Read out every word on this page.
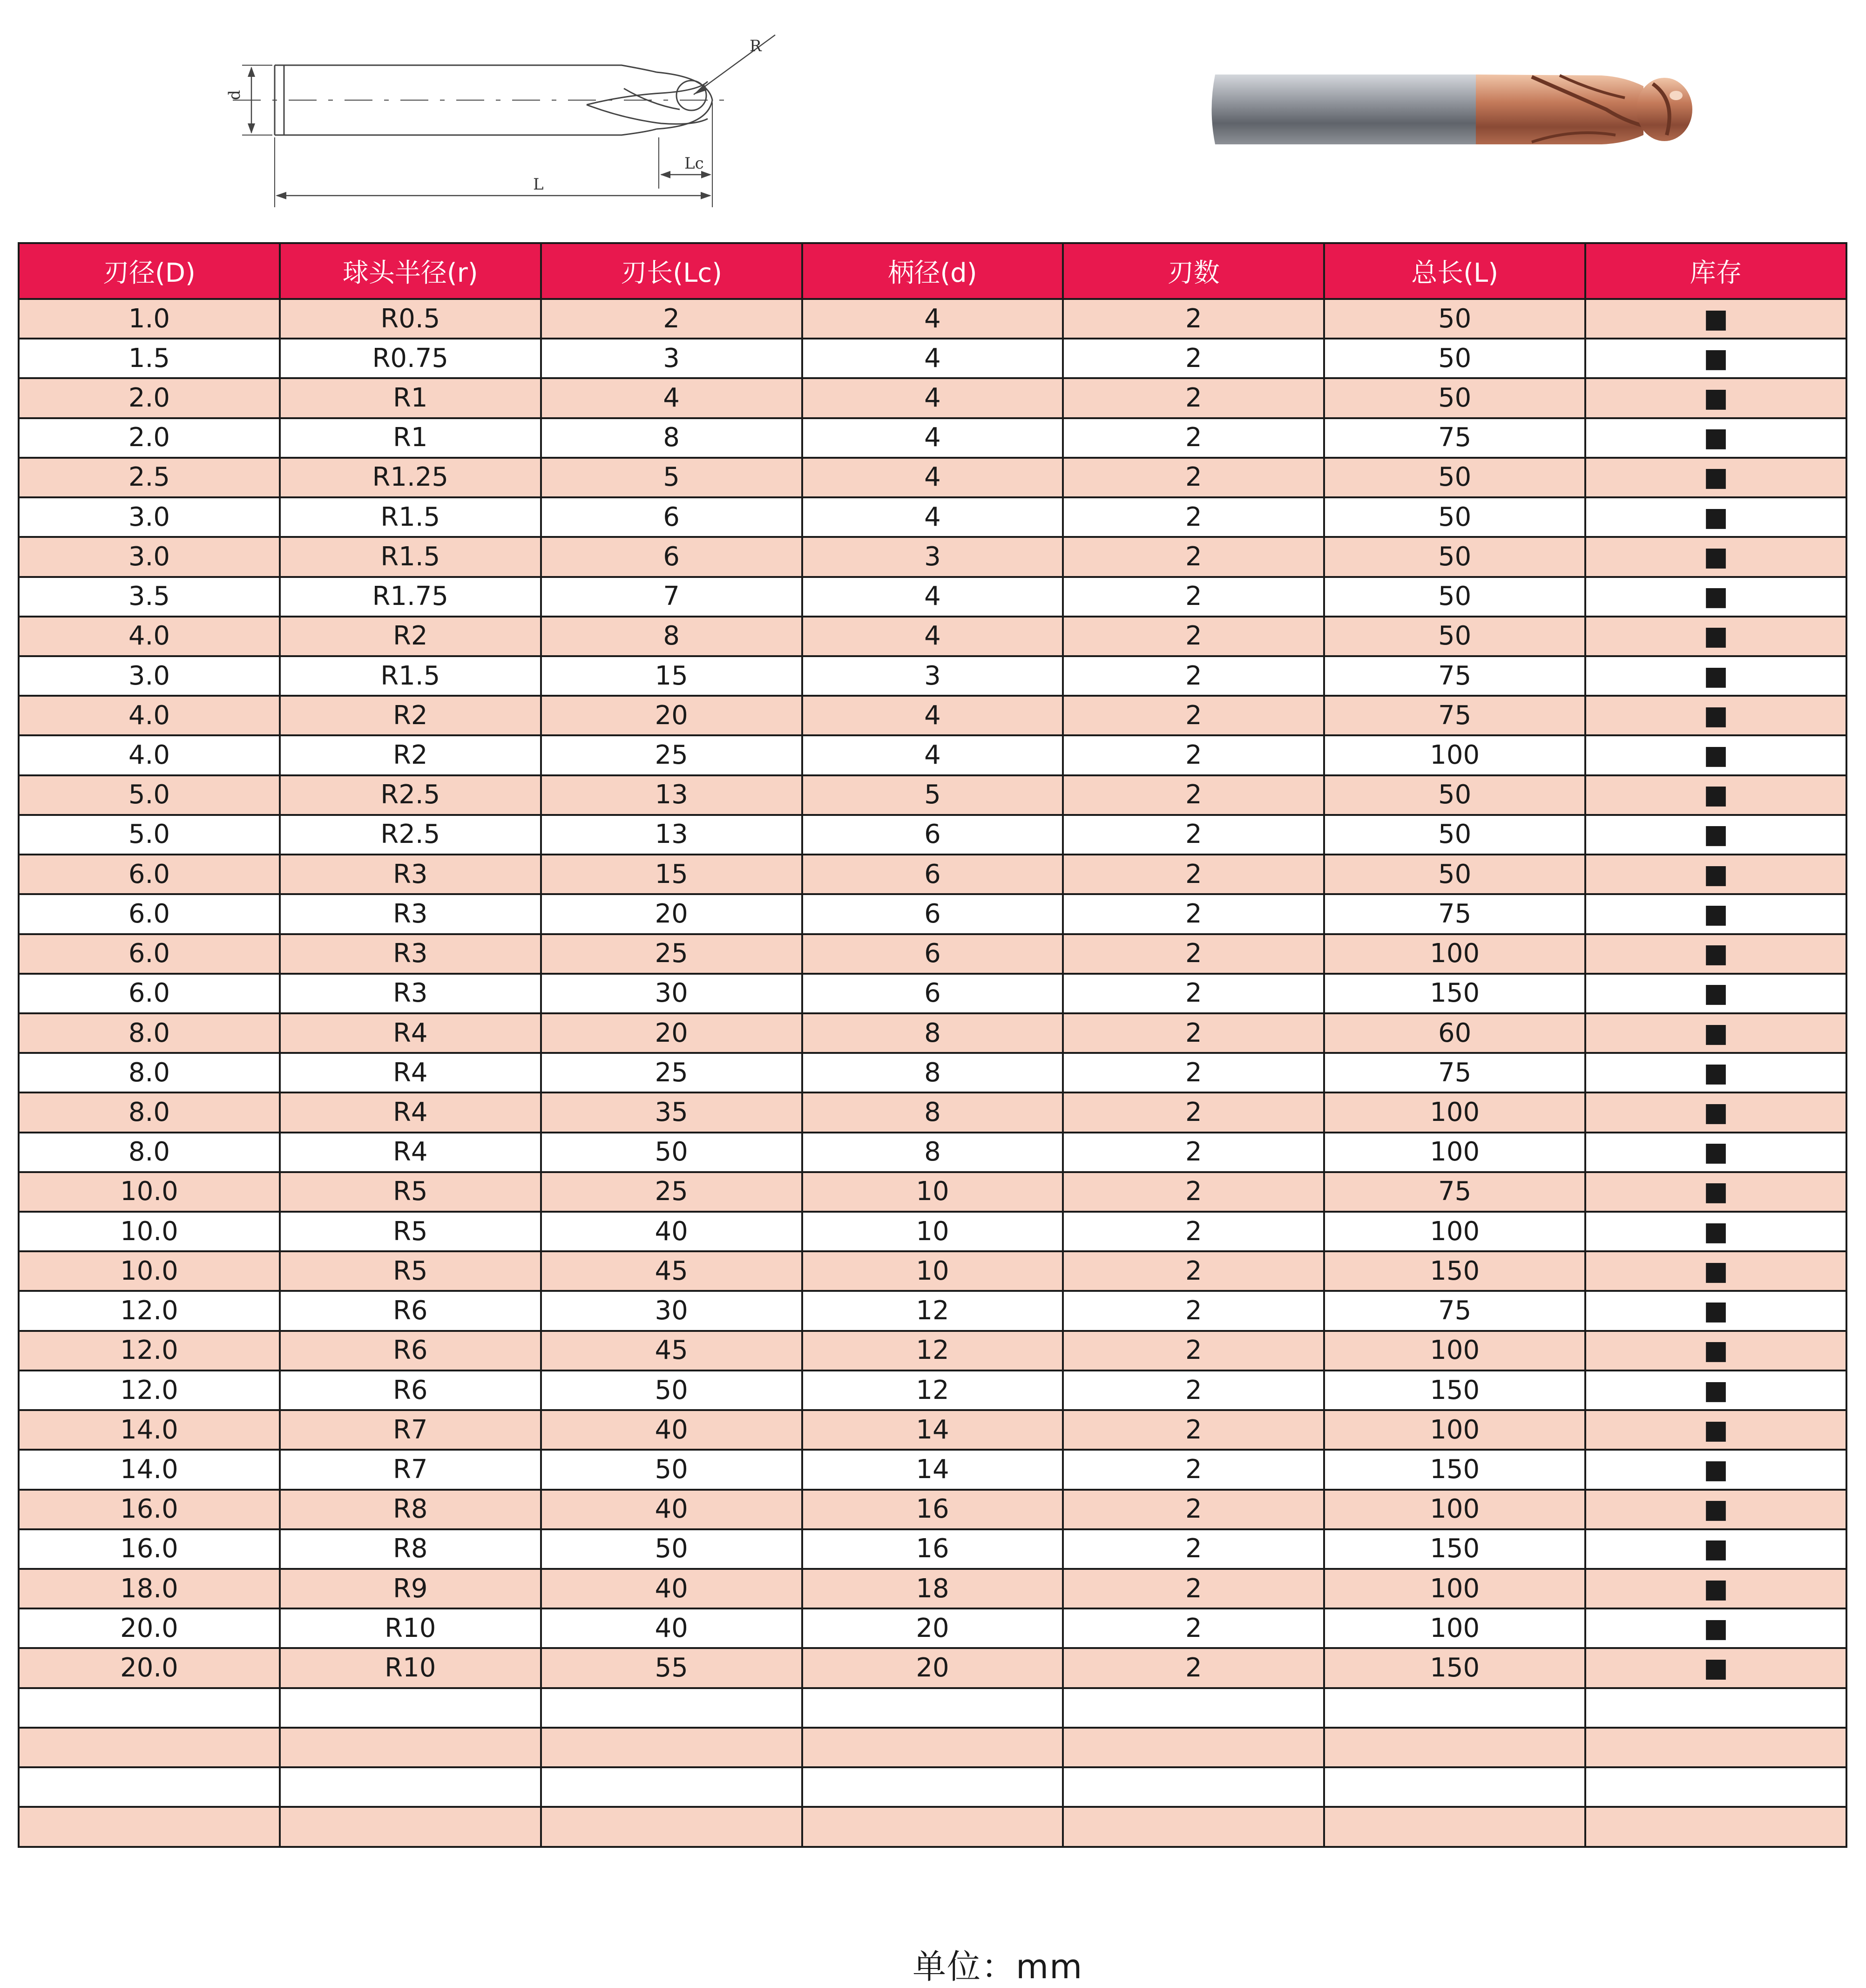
R
d
L
Lc
刃径(D)	球头半径(r)	刃长(Lc)	柄径(d)	刃数	总长(L)	库存
1.0	R0.5	2	4	2	50	■
1.5	R0.75	3	4	2	50	■
2.0	R1	4	4	2	50	■
2.0	R1	8	4	2	75	■
2.5	R1.25	5	4	2	50	■
3.0	R1.5	6	4	2	50	■
3.0	R1.5	6	3	2	50	■
3.5	R1.75	7	4	2	50	■
4.0	R2	8	4	2	50	■
3.0	R1.5	15	3	2	75	■
4.0	R2	20	4	2	75	■
4.0	R2	25	4	2	100	■
5.0	R2.5	13	5	2	50	■
5.0	R2.5	13	6	2	50	■
6.0	R3	15	6	2	50	■
6.0	R3	20	6	2	75	■
6.0	R3	25	6	2	100	■
6.0	R3	30	6	2	150	■
8.0	R4	20	8	2	60	■
8.0	R4	25	8	2	75	■
8.0	R4	35	8	2	100	■
8.0	R4	50	8	2	100	■
10.0	R5	25	10	2	75	■
10.0	R5	40	10	2	100	■
10.0	R5	45	10	2	150	■
12.0	R6	30	12	2	75	■
12.0	R6	45	12	2	100	■
12.0	R6	50	12	2	150	■
14.0	R7	40	14	2	100	■
14.0	R7	50	14	2	150	■
16.0	R8	40	16	2	100	■
16.0	R8	50	16	2	150	■
18.0	R9	40	18	2	100	■
20.0	R10	40	20	2	100	■
20.0	R10	55	20	2	150	■

单位：mm
